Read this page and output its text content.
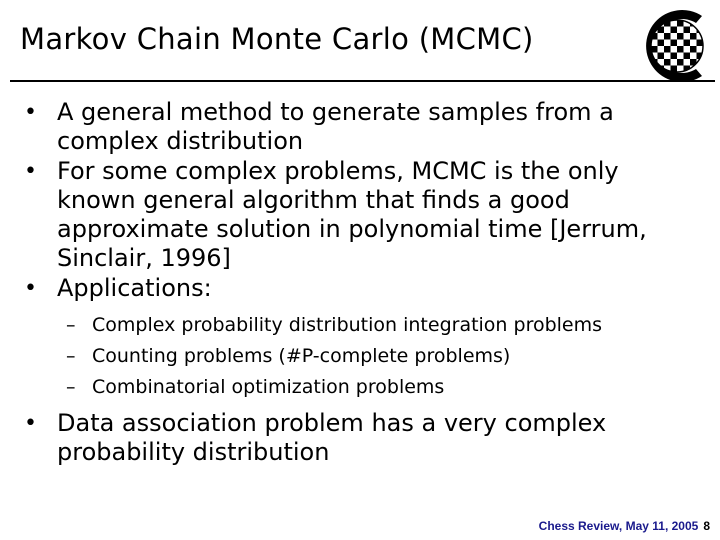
Markov Chain Monte Carlo (MCMC)
• A general method to generate samples from a complex distribution
• For some complex problems, MCMC is the only known general algorithm that finds a good approximate solution in polynomial time [Jerrum, Sinclair, 1996]
• Applications:
– Complex probability distribution integration problems
– Counting problems (#P-complete problems)
– Combinatorial optimization problems
• Data association problem has a very complex probability distribution
Chess Review, May 11, 2005 8
